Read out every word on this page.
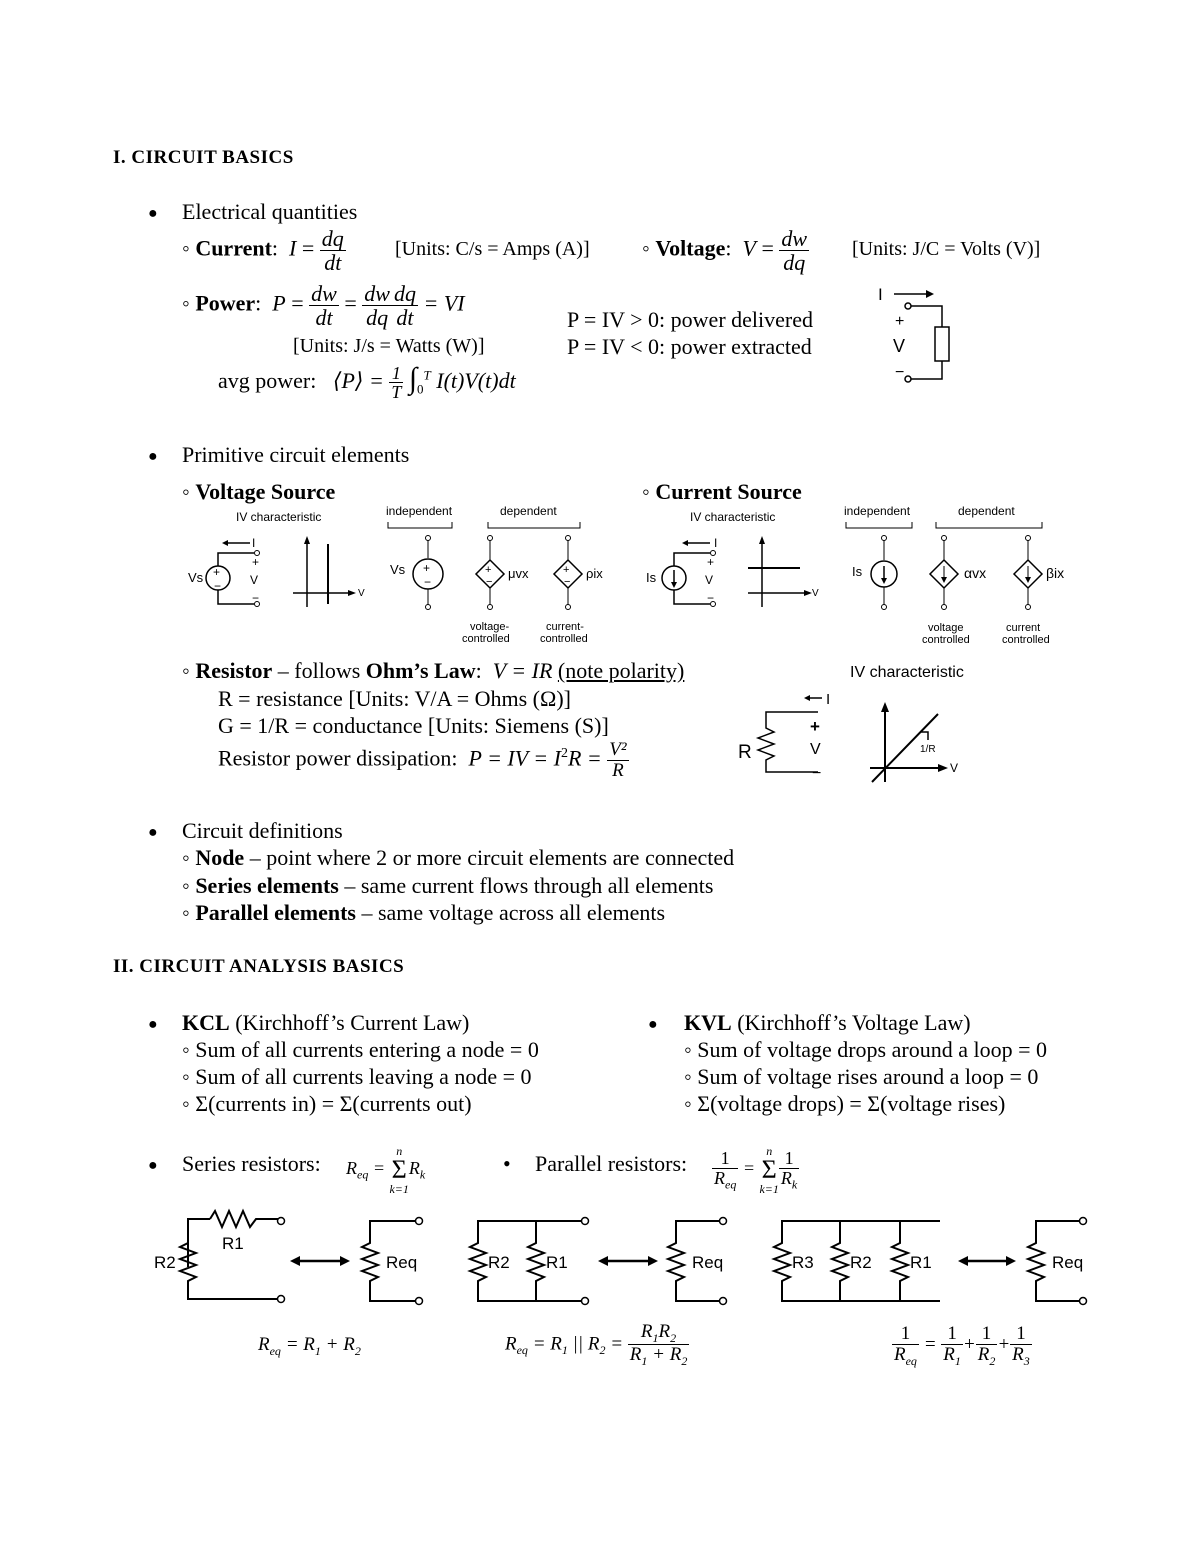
I. CIRCUIT BASICS
● Electrical quantities
◦ Current:  $I = \frac{dq}{dt}$ [Units: C/s = Amps (A)] ◦ Voltage:  $V = \frac{dw}{dq}$ [Units: J/C = Volts (V)]
◦ Power:  $P = \frac{dw}{dt} = \frac{dw}{dq} \frac{dq}{dt}$ = VI
[Units: J/s = Watts (W)]
P = IV > 0: power delivered
P = IV < 0: power extracted
avg power: ⟨P⟩ = $\frac{1}{T} \int_0^T$ I(t)V(t)dt
I
+
V
−
● Primitive circuit elements
◦ Voltage Source	◦ Current Source
IV characteristic	independent	dependent
I
+
−
Vs
+
V
−	V
+
−
Vs	+
−
μvx	+
−
ρix
voltage-
controlled
current-
controlled
IV characteristic	independent	dependent
I
Is
+
V
−	V
Is	αvx	βix
voltage
controlled
current
controlled
◦ Resistor – follows Ohm’s Law:  V = IR (note polarity)
R = resistance [Units: V/A = Ohms (Ω)]
G = 1/R = conductance [Units: Siemens (S)]
Resistor power dissipation: P = IV = $I^2R = \frac{\text{V²}}{R}$
IV characteristic
I
R
+
V
−
1/R
V
● Circuit definitions
◦ Node – point where 2 or more circuit elements are connected
◦ Series elements – same current flows through all elements
◦ Parallel elements – same voltage across all elements
II. CIRCUIT ANALYSIS BASICS
● KCL (Kirchhoff’s Current Law)
◦ Sum of all currents entering a node = 0
◦ Sum of all currents leaving a node = 0
◦ Σ(currents in) = Σ(currents out)
● KVL (Kirchhoff’s Voltage Law)
◦ Sum of voltage drops around a loop = 0
◦ Sum of voltage rises around a loop = 0
◦ Σ(voltage drops) = Σ(voltage rises)
● Series resistors: $R_{eq}$ =
n
Σ
k=1
$R_k$	• Parallel resistors: $\frac{1}{R_{eq}}$ =
n
Σ
$k=1 \frac{1}{R_k}$
R2
R1
Req	R2 R1	Req	R3 R2 R1	Req
$R_{eq} = R_1 + R_2$	$R_{eq} = R_1$ || $R_2 = \frac{R_1R_2}{R_1 + R_2}$	$\frac{1}{R_{eq}} = \frac{1}{R_1} + \frac{1}{R_2} + \frac{1}{R_3}$
